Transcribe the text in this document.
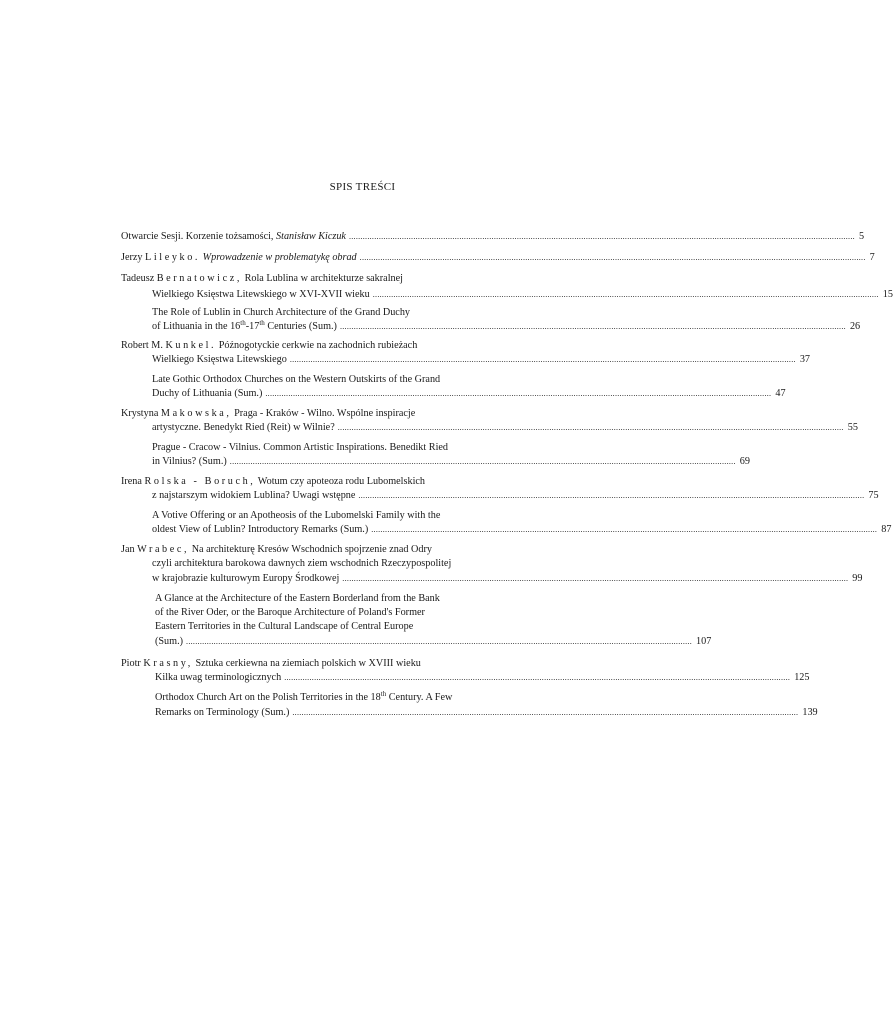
SPIS TREŚCI
Otwarcie Sesji. Korzenie tożsamości, Stanisław Kiczuk ............................................................................................................................................................................................................................ 5
Jerzy Lileyko. Wprowadzenie w problematykę obrad ............................................................................................................................................................................................................................ 7
Tadeusz Bernatowicz, Rola Lublina w architekturze sakralnej
Wielkiego Księstwa Litewskiego w XVI-XVII wieku ............................................................................................................................................................................................................................ 15
The Role of Lublin in Church Architecture of the Grand Duchy
of Lithuania in the 16th-17th Centuries (Sum.) ............................................................................................................................................................................................................................ 26
Robert M. Kunkel. Późnogotyckie cerkwie na zachodnich rubieżach
Wielkiego Księstwa Litewskiego ............................................................................................................................................................................................................................ 37
Late Gothic Orthodox Churches on the Western Outskirts of the Grand
Duchy of Lithuania (Sum.) ............................................................................................................................................................................................................................ 47
Krystyna Makowska, Praga - Kraków - Wilno. Wspólne inspiracje
artystyczne. Benedykt Ried (Reit) w Wilnie? ............................................................................................................................................................................................................................ 55
Prague - Cracow - Vilnius. Common Artistic Inspirations. Benedikt Ried
in Vilnius? (Sum.) ............................................................................................................................................................................................................................ 69
Irena Rolska - Boruch, Wotum czy apoteoza rodu Lubomelskich
z najstarszym widokiem Lublina? Uwagi wstępne ............................................................................................................................................................................................................................ 75
A Votive Offering or an Apotheosis of the Lubomelski Family with the
oldest View of Lublin? Introductory Remarks (Sum.) ............................................................................................................................................................................................................................ 87
Jan Wrabec, Na architekturę Kresów Wschodnich spojrzenie znad Odry
czyli architektura barokowa dawnych ziem wschodnich Rzeczypospolitej
w krajobrazie kulturowym Europy Środkowej ............................................................................................................................................................................................................................ 99
A Glance at the Architecture of the Eastern Borderland from the Bank
of the River Oder, or the Baroque Architecture of Poland's Former
Eastern Territories in the Cultural Landscape of Central Europe
(Sum.) ............................................................................................................................................................................................................................ 107
Piotr Krasny, Sztuka cerkiewna na ziemiach polskich w XVIII wieku
Kilka uwag terminologicznych ............................................................................................................................................................................................................................ 125
Orthodox Church Art on the Polish Territories in the 18th Century. A Few
Remarks on Terminology (Sum.) ............................................................................................................................................................................................................................ 139
